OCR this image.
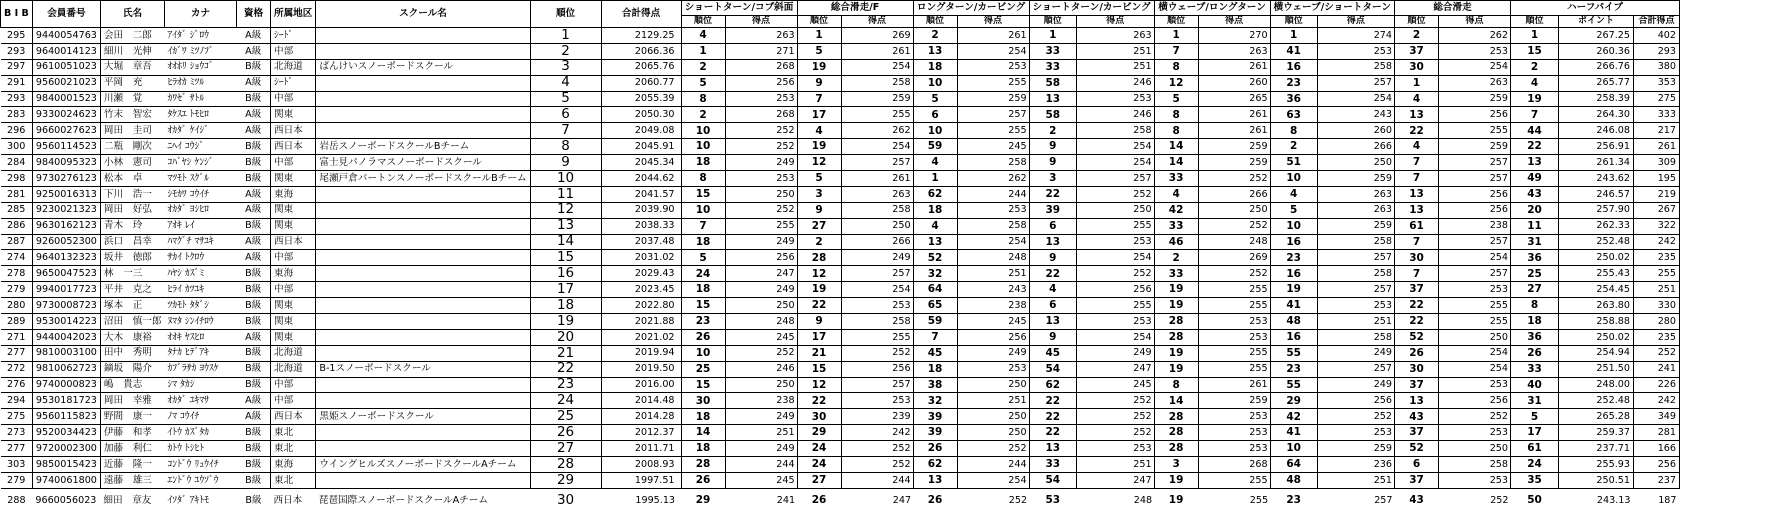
B I B	会員番号	氏名	カナ	資格	所属地区	スクール名	順位	合計得点	ショートターン/コブ斜面		総合滑走/F		ロングターン/カービング		ショートターン/カービング		横ウェーブ/ロングターン		横ウェーブ/ショートターン		総合滑走		ハーフパイプ		
									順位	得点	順位	得点	順位	得点	順位	得点	順位	得点	順位	得点	順位	得点	順位	ポイント	合計得点
295	9440054763	会田　二郎	ｱｲﾀﾞ ｼﾞﾛｳ	A級	ｼｰﾄﾞ		1	2129.25	4	263	1	269	2	261	1	263	1	270	1	274	2	262	1	267.25	402
293	9640014123	細川　光伸	ｲｶﾞﾜ ﾐﾂﾉﾌﾞ	A級	中部		2	2066.36	1	271	5	261	13	254	33	251	7	263	41	253	37	253	15	260.36	293
297	9610051023	大堀　章吾	ｵｵﾎﾘ ｼｮｳｺﾞ	B級	北海道	ばんけいスノーボードスクール	3	2065.76	2	268	19	254	18	253	33	251	8	261	16	258	30	254	2	266.76	380
291	9560021023	平岡　充	ﾋﾗｵｶ ﾐﾂﾙ	A級	ｼｰﾄﾞ		4	2060.77	5	256	9	258	10	255	58	246	12	260	23	257	1	263	4	265.77	353
293	9840001523	川瀬　覚	ｶﾜｾﾞ ｻﾄﾙ	B級	中部		5	2055.39	8	253	7	259	5	259	13	253	5	265	36	254	4	259	19	258.39	275
283	9330024623	竹末　智宏	ﾀｹｽｴ ﾄﾓﾋﾛ	A級	関東		6	2050.30	2	268	17	255	6	257	58	246	8	261	63	243	13	256	7	264.30	333
296	9660027623	岡田　圭司	ｵｶﾀﾞ ｹｲｼﾞ	A級	西日本		7	2049.08	10	252	4	262	10	255	2	258	8	261	8	260	22	255	44	246.08	217
300	9560114523	二瓶　剛次	ﾆﾍｲ ｺｳｼﾞ	B級	西日本	岩岳スノーボードスクールBチーム	8	2045.91	10	252	19	254	59	245	9	254	14	259	2	266	4	259	22	256.91	261
284	9840095323	小林　憲司	ｺﾊﾞﾔｼ ｹﾝｼﾞ	B級	中部	富士見パノラマスノーボードスクール	9	2045.34	18	249	12	257	4	258	9	254	14	259	51	250	7	257	13	261.34	309
298	9730276123	松本　卓	ﾏﾂﾓﾄ ｽｸﾞﾙ	B級	関東	尾瀬戸倉パートンスノーボードスクールBチーム	10	2044.62	8	253	5	261	1	262	3	257	33	252	10	259	7	257	49	243.62	195
281	9250016313	下川　浩一	ｼﾓｶﾜ ｺｳｲﾁ	A級	東海		11	2041.57	15	250	3	263	62	244	22	252	4	266	4	263	13	256	43	246.57	219
285	9230021323	岡田　好弘	ｵｶﾀﾞ ﾖｼﾋﾛ	A級	関東		12	2039.90	10	252	9	258	18	253	39	250	42	250	5	263	13	256	20	257.90	267
286	9630162123	青木　玲	ｱｵｷ ﾚｲ	B級	関東		13	2038.33	7	255	27	250	4	258	6	255	33	252	10	259	61	238	11	262.33	322
287	9260052300	浜口　昌幸	ﾊﾏｸﾞﾁ ﾏｻﾕｷ	A級	西日本		14	2037.48	18	249	2	266	13	254	13	253	46	248	16	258	7	257	31	252.48	242
274	9640132323	坂井　徳郎	ｻｶｲ ﾄｸﾛｳ	A級	中部		15	2031.02	5	256	28	249	52	248	9	254	2	269	23	257	30	254	36	250.02	235
278	9650047523	林　一三	ﾊﾔｼ ｶｽﾞﾐ	B級	東海		16	2029.43	24	247	12	257	32	251	22	252	33	252	16	258	7	257	25	255.43	255
279	9940017723	平井　克之	ﾋﾗｲ ｶﾂﾕｷ	B級	中部		17	2023.45	18	249	19	254	64	243	4	256	19	255	19	257	37	253	27	254.45	251
280	9730008723	塚本　正	ﾂｶﾓﾄ ﾀﾀﾞｼ	B級	関東		18	2022.80	15	250	22	253	65	238	6	255	19	255	41	253	22	255	8	263.80	330
289	9530014223	沼田　慎一郎	ﾇﾏﾀ ｼﾝｲﾁﾛｳ	B級	関東		19	2021.88	23	248	9	258	59	245	13	253	28	253	48	251	22	255	18	258.88	280
271	9440042023	大木　康裕	ｵｵｷ ﾔｽﾋﾛ	A級	関東		20	2021.02	26	245	17	255	7	256	9	254	28	253	16	258	52	250	36	250.02	235
277	9810003100	田中　秀明	ﾀﾅｶ ﾋﾃﾞｱｷ	B級	北海道		21	2019.94	10	252	21	252	45	249	45	249	19	255	55	249	26	254	26	254.94	252
272	9810062723	鏑坂　陽介	ｶﾌﾞﾗｻｶ ﾖｳｽｹ	B級	北海道	B-1スノーボードスクール	22	2019.50	25	246	15	256	18	253	54	247	19	255	23	257	30	254	33	251.50	241
276	9740000823	嶋　貴志	ｼﾏ ﾀｶｼ	B級	中部		23	2016.00	15	250	12	257	38	250	62	245	8	261	55	249	37	253	40	248.00	226
294	9530181723	岡田　幸雅	ｵｶﾀﾞ ﾕｷﾏｻ	A級	中部		24	2014.48	30	238	22	253	32	251	22	252	14	259	29	256	13	256	31	252.48	242
275	9560115823	野間　康一	ﾉﾏ ｺｳｲﾁ	A級	西日本	黒姫スノーボードスクール	25	2014.28	18	249	30	239	39	250	22	252	28	253	42	252	43	252	5	265.28	349
273	9520034423	伊藤　和孝	ｲﾄｳ ｶｽﾞﾀｶ	B級	東北		26	2012.37	14	251	29	242	39	250	22	252	28	253	41	253	37	253	17	259.37	281
277	9720002300	加藤　利仁	ｶﾄｳ ﾄｼﾋﾄ	B級	東北		27	2011.71	18	249	24	252	26	252	13	253	28	253	10	259	52	250	61	237.71	166
303	9850015423	近藤　隆一	ｺﾝﾄﾞｳ ﾘｭｳｲﾁ	B級	東海	ウイングヒルズスノーボードスクールAチーム	28	2008.93	28	244	24	252	62	244	33	251	3	268	64	236	6	258	24	255.93	256
279	9740061800	遠藤　雄三	ｴﾝﾄﾞｳ ﾕｳｿﾞｳ	B級	東北		29	1997.51	26	245	27	244	13	254	54	247	19	255	48	251	37	253	35	250.51	237
288	9660056023	細田　章友	ｲｿﾀﾞ ｱｷﾄﾓ	B級	西日本	琵琶国際スノーボードスクールAチーム	30	1995.13	29	241	26	247	26	252	53	248	19	255	23	257	43	252	50	243.13	187
